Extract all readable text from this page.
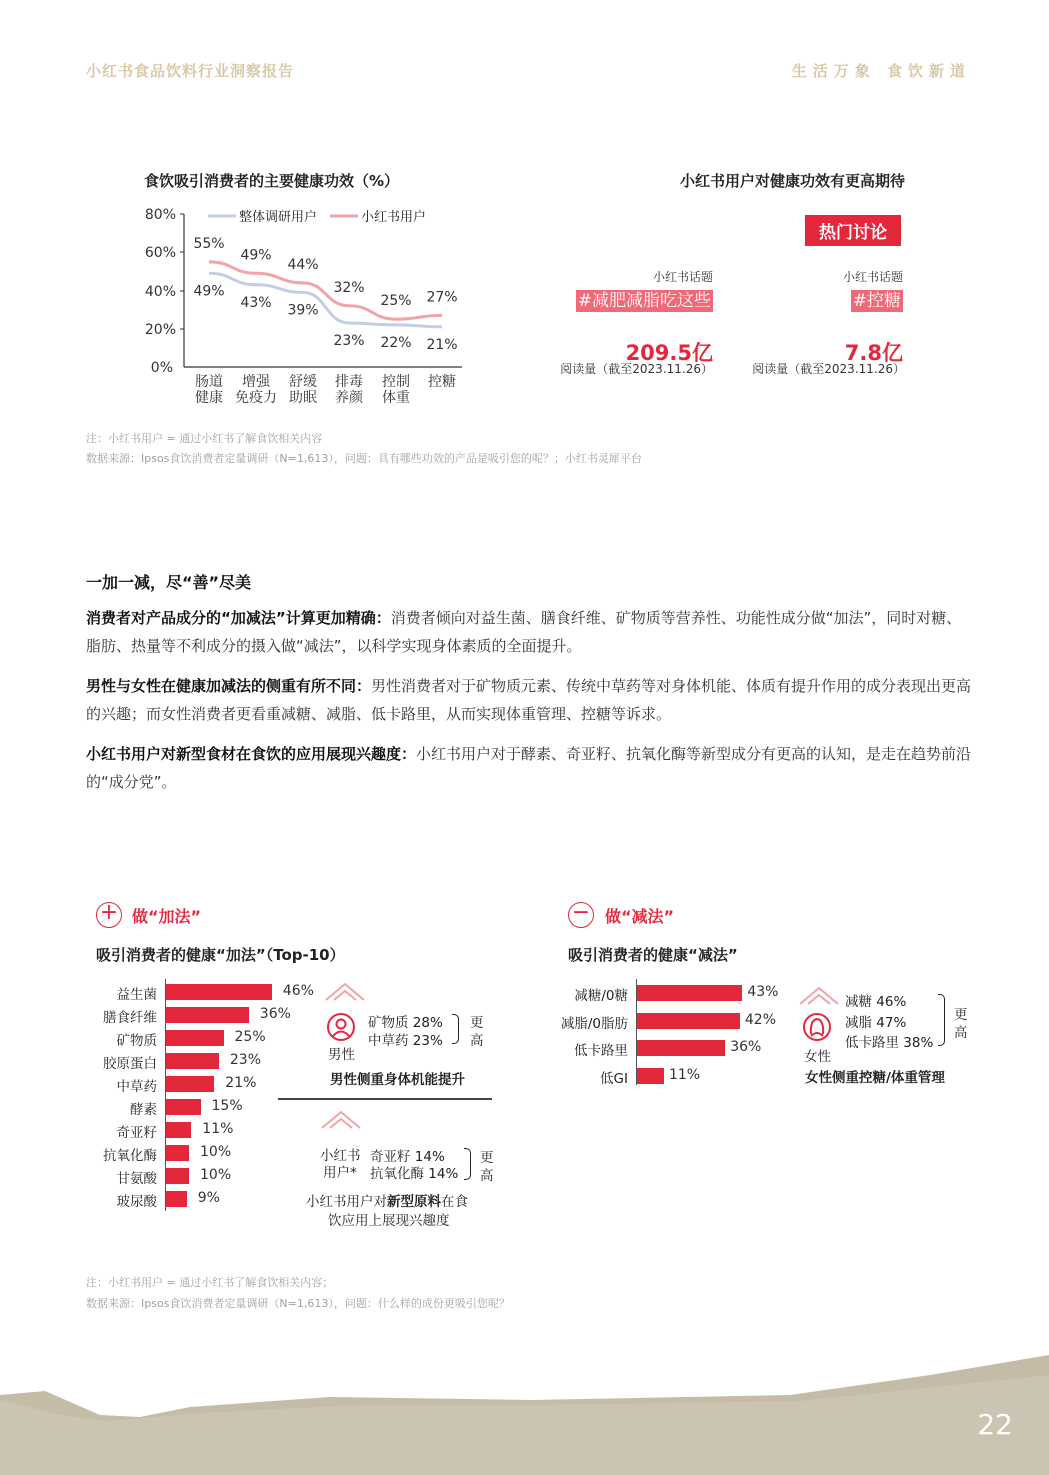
小红书食品饮料行业洞察报告	生活万象 食饮新道
食饮吸引消费者的主要健康功效（%）
80%
60%
40%
20%
0%
整体调研用户	小红书用户
55%
49%
44%
32%
25% 27%
49%
43% 39%
23% 22% 21%
肠道
健康
增强
免疫力
舒缓
助眠
排毒
养颜
控制
体重
控糖
小红书用户对健康功效有更高期待
热门讨论
小红书话题
#减肥减脂吃这些
209.5亿
阅读量（截至2023.11.26）
小红书话题
#控糖
7.8亿
阅读量（截至2023.11.26）
注：小红书用户 = 通过小红书了解食饮相关内容
数据来源：Ipsos食饮消费者定量调研（N=1,613），问题：具有哪些功效的产品是吸引您的呢？；小红书灵犀平台
一加一减，尽“善”尽美
消费者对产品成分的“加减法”计算更加精确：消费者倾向对益生菌、膳食纤维、矿物质等营养性、功能性成分做“加法”，同时对糖、脂肪、热量等不利成分的摄入做“减法”，以科学实现身体素质的全面提升。
男性与女性在健康加减法的侧重有所不同：男性消费者对于矿物质元素、传统中草药等对身体机能、体质有提升作用的成分表现出更高的兴趣；而女性消费者更看重减糖、减脂、低卡路里，从而实现体重管理、控糖等诉求。
小红书用户对新型食材在食饮的应用展现兴趣度：小红书用户对于酵素、奇亚籽、抗氧化酶等新型成分有更高的认知，是走在趋势前沿的“成分党”。
+ 做“加法”
吸引消费者的健康“加法”（Top-10）
益生菌	46%
膳食纤维	36%
矿物质	25%
胶原蛋白	23%
中草药	21%
酵素	15%
奇亚籽	11%
抗氧化酶	10%
甘氨酸	10%
玻尿酸	9%
男性
矿物质 28%
中草药 23%
更
高
男性侧重身体机能提升
小红书
用户*
奇亚籽 14%
抗氧化酶 14%
更
高
小红书用户对新型原料在食
饮应用上展现兴趣度
− 做“减法”
吸引消费者的健康“减法”
减糖/0糖	43%
减脂/0脂肪	42%
低卡路里	36%
低GI	11%
女性
减糖 46%
减脂 47%
低卡路里 38%
更
高
女性侧重控糖/体重管理
注：小红书用户 = 通过小红书了解食饮相关内容；
数据来源：Ipsos食饮消费者定量调研（N=1,613），问题：什么样的成份更吸引您呢？
22
